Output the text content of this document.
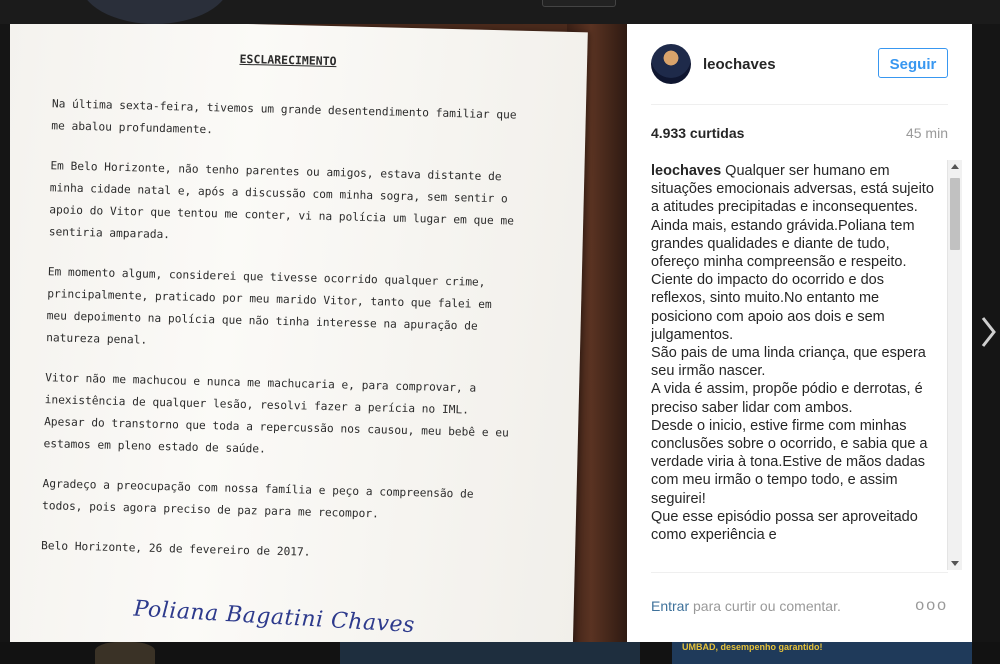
ESCLARECIMENTO

Na última sexta-feira, tivemos um grande desentendimento familiar que me abalou profundamente.

Em Belo Horizonte, não tenho parentes ou amigos, estava distante de minha cidade natal e, após a discussão com minha sogra, sem sentir o apoio do Vitor que tentou me conter, vi na polícia um lugar em que me sentiria amparada.

Em momento algum, considerei que tivesse ocorrido qualquer crime, principalmente, praticado por meu marido Vitor, tanto que falei em meu depoimento na polícia que não tinha interesse na apuração de natureza penal.

Vitor não me machucou e nunca me machucaria e, para comprovar, a inexistência de qualquer lesão, resolvi fazer a perícia no IML. Apesar do transtorno que toda a repercussão nos causou, meu bebê e eu estamos em pleno estado de saúde.

Agradeço a preocupação com nossa família e peço a compreensão de todos, pois agora preciso de paz para me recompor.

Belo Horizonte, 26 de fevereiro de 2017.

Poliana Bagatini Chaves
leochaves	Seguir
4.933 curtidas	45 min
leochaves Qualquer ser humano em situações emocionais adversas, está sujeito a atitudes precipitadas e inconsequentes.
Ainda mais, estando grávida.Poliana tem grandes qualidades e diante de tudo, ofereço minha compreensão e respeito.
Ciente do impacto do ocorrido e dos reflexos, sinto muito.No entanto me posiciono com apoio aos dois e sem julgamentos.
São pais de uma linda criança, que espera seu irmão nascer.
A vida é assim, propõe pódio e derrotas, é preciso saber lidar com ambos.
Desde o inicio, estive firme com minhas conclusões sobre o ocorrido, e sabia que a verdade viria à tona.Estive de mãos dadas com meu irmão o tempo todo, e assim seguirei!
Que esse episódio possa ser aproveitado como experiência e
Entrar para curtir ou comentar.	ooo
UMBAD, desempenho garantido!
